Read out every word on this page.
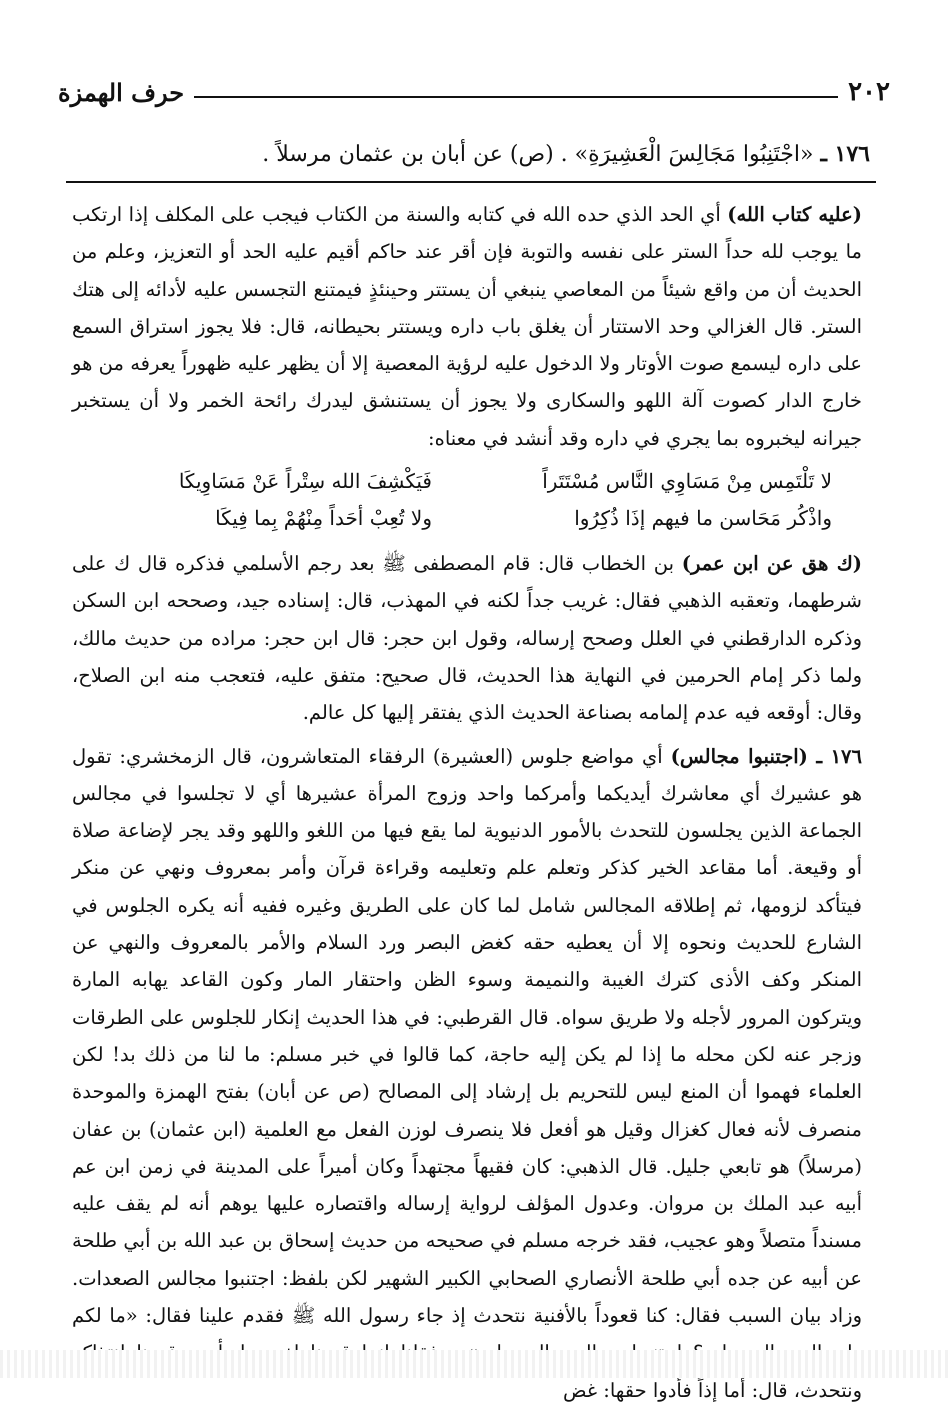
٢٠٢
حرف الهمزة
١٧٦ ـ «اجْتَنِبُوا مَجَالِسَ الْعَشِيرَةِ» . (ص) عن أبان بن عثمان مرسلاً .

(عليه كتاب الله) أي الحد الذي حده الله في كتابه والسنة من الكتاب فيجب على المكلف إذا ارتكب ما يوجب لله حداً الستر على نفسه والتوبة فإن أقر عند حاكم أقيم عليه الحد أو التعزيز، وعلم من الحديث أن من واقع شيئاً من المعاصي ينبغي أن يستتر وحينئذٍ فيمتنع التجسس عليه لأدائه إلى هتك الستر. قال الغزالي وحد الاستتار أن يغلق باب داره ويستتر بحيطانه، قال: فلا يجوز استراق السمع على داره ليسمع صوت الأوتار ولا الدخول عليه لرؤية المعصية إلا أن يظهر عليه ظهوراً يعرفه من هو خارج الدار كصوت آلة اللهو والسكارى ولا يجوز أن يستنشق ليدرك رائحة الخمر ولا أن يستخبر جيرانه ليخبروه بما يجري في داره وقد أنشد في معناه:

لا تَلْتَمِس مِنْ مَسَاوِي النَّاس مُسْتَتَراً
فَيَكْشِفَ الله سِتْراً عَنْ مَسَاوِيكَا
واذْكُر مَحَاسن ما فيهم إذَا ذُكِرُوا
ولا تُعِبْ أحَداً مِنْهُمْ بِما فِيكَا

(ك هق عن ابن عمر) بن الخطاب قال: قام المصطفى ﷺ بعد رجم الأسلمي فذكره قال ك على شرطهما، وتعقبه الذهبي فقال: غريب جداً لكنه في المهذب، قال: إسناده جيد، وصححه ابن السكن وذكره الدارقطني في العلل وصحح إرساله، وقول ابن حجر: قال ابن حجر: مراده من حديث مالك، ولما ذكر إمام الحرمين في النهاية هذا الحديث، قال صحيح: متفق عليه، فتعجب منه ابن الصلاح، وقال: أوقعه فيه عدم إلمامه بصناعة الحديث الذي يفتقر إليها كل عالم.

١٧٦ ـ (اجتنبوا مجالس) أي مواضع جلوس (العشيرة) الرفقاء المتعاشرون، قال الزمخشري: تقول هو عشيرك أي معاشرك أيديكما وأمركما واحد وزوج المرأة عشيرها أي لا تجلسوا في مجالس الجماعة الذين يجلسون للتحدث بالأمور الدنيوية لما يقع فيها من اللغو واللهو وقد يجر لإضاعة صلاة أو وقيعة. أما مقاعد الخير كذكر وتعلم علم وتعليمه وقراءة قرآن وأمر بمعروف ونهي عن منكر فيتأكد لزومها، ثم إطلاقه المجالس شامل لما كان على الطريق وغيره ففيه أنه يكره الجلوس في الشارع للحديث ونحوه إلا أن يعطيه حقه كغض البصر ورد السلام والأمر بالمعروف والنهي عن المنكر وكف الأذى كترك الغيبة والنميمة وسوء الظن واحتقار المار وكون القاعد يهابه المارة ويتركون المرور لأجله ولا طريق سواه. قال القرطبي: في هذا الحديث إنكار للجلوس على الطرقات وزجر عنه لكن محله ما إذا لم يكن إليه حاجة، كما قالوا في خبر مسلم: ما لنا من ذلك بد! لكن العلماء فهموا أن المنع ليس للتحريم بل إرشاد إلى المصالح (ص عن أبان) بفتح الهمزة والموحدة منصرف لأنه فعال كغزال وقيل هو أفعل فلا ينصرف لوزن الفعل مع العلمية (ابن عثمان) بن عفان (مرسلاً) هو تابعي جليل. قال الذهبي: كان فقيهاً مجتهداً وكان أميراً على المدينة في زمن ابن عم أبيه عبد الملك بن مروان. وعدول المؤلف لرواية إرساله واقتصاره عليها يوهم أنه لم يقف عليه مسنداً متصلاً وهو عجيب، فقد خرجه مسلم في صحيحه من حديث إسحاق بن عبد الله بن أبي طلحة عن أبيه عن جده أبي طلحة الأنصاري الصحابي الكبير الشهير لكن بلفظ: اجتنبوا مجالس الصعدات. وزاد بيان السبب فقال: كنا قعوداً بالأفنية نتحدث إذ جاء رسول الله ﷺ فقدم علينا فقال: «ما لكم ونتحدث، قال: أما إذاً فأدوا حقها: غض
